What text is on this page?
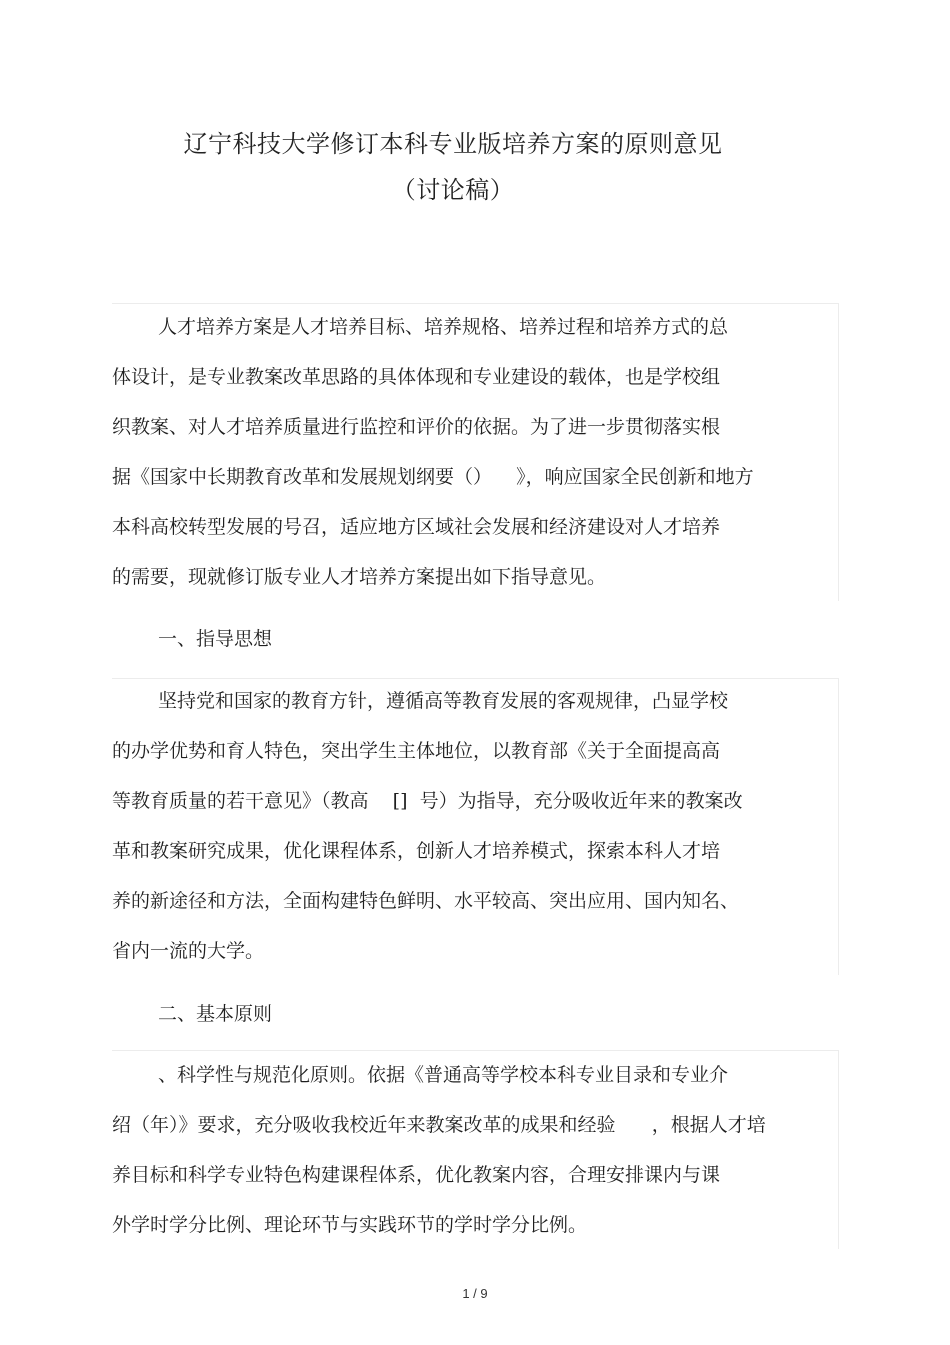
辽宁科技大学修订本科专业版培养方案的原则意见
（讨论稿）
人才培养方案是人才培养目标、培养规格、培养过程和培养方式的总
体设计，是专业教案改革思路的具体体现和专业建设的载体，也是学校组
织教案、对人才培养质量进行监控和评价的依据。为了进一步贯彻落实根
据《国家中长期教育改革和发展规划纲要（）    》，响应国家全民创新和地方
本科高校转型发展的号召，适应地方区域社会发展和经济建设对人才培养
的需要，现就修订版专业人才培养方案提出如下指导意见。
一、指导思想
坚持党和国家的教育方针，遵循高等教育发展的客观规律，凸显学校
的办学优势和育人特色，突出学生主体地位，以教育部《关于全面提高高
等教育质量的若干意见》（教高    []  号）为指导，充分吸收近年来的教案改
革和教案研究成果，优化课程体系，创新人才培养模式，探索本科人才培
养的新途径和方法，全面构建特色鲜明、水平较高、突出应用、国内知名、
省内一流的大学。
二、基本原则
、科学性与规范化原则。依据《普通高等学校本科专业目录和专业介
绍（年）》要求，充分吸收我校近年来教案改革的成果和经验      ，根据人才培
养目标和科学专业特色构建课程体系，优化教案内容，合理安排课内与课
外学时学分比例、理论环节与实践环节的学时学分比例。
1 / 9
